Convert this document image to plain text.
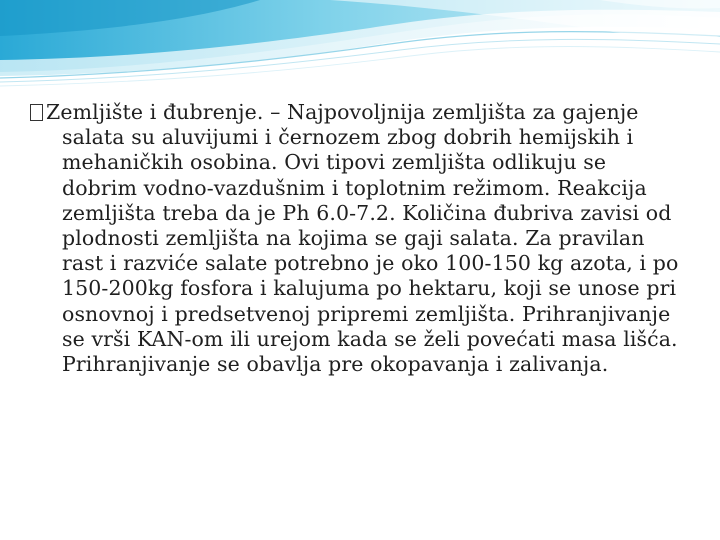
Zemljište i đubrenje. – Najpovoljnija zemljišta za gajenje
salata su aluvijumi i černozem zbog dobrih hemijskih i
mehaničkih osobina. Ovi tipovi zemljišta odlikuju se
dobrim vodno-vazdušnim i toplotnim režimom. Reakcija
zemljišta treba da je Ph 6.0-7.2. Količina đubriva zavisi od
plodnosti zemljišta na kojima se gaji salata. Za pravilan
rast i razviće salate potrebno je oko 100-150 kg azota, i po
150-200kg fosfora i kalujuma po hektaru, koji se unose pri
osnovnoj i predsetvenoj pripremi zemljišta. Prihranjivanje
se vrši KAN-om ili urejom kada se želi povećati masa lišća.
Prihranjivanje se obavlja pre okopavanja i zalivanja.
